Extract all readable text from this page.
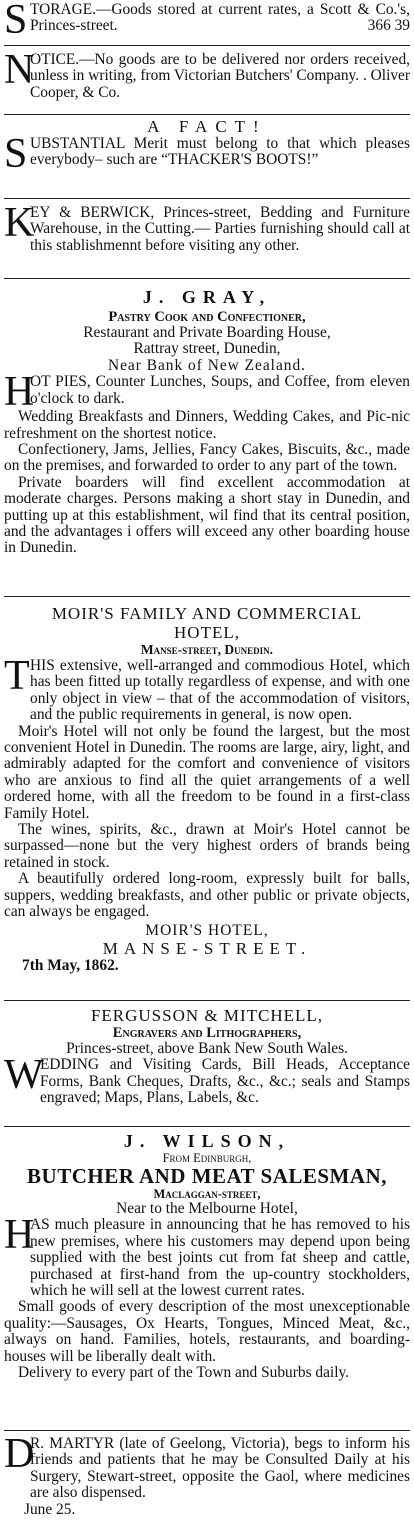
S TORAGE.—Goods stored at current rates, a Scott & Co.'s, Princes-street.	366 39

N

OTICE.—No goods are to be delivered nor orders received, unless in writing, from Victorian Butchers' Company. . Oliver Cooper, & Co.

A FACT!
S UBSTANTIAL Merit must belong to that which pleases everybody– such are “THACKER'S BOOTS!”

K

EY & BERWICK, Princes-street, Bedding and Furniture Warehouse, in the Cutting.— Parties furnishing should call at this stablishmennt before visiting any other.

J. GRAY,
Pastry Cook and Confectioner,

Restaurant and Private Boarding House,

Rattray street, Dunedin,

Near Bank of New Zealand.

H

OT PIES, Counter Lunches, Soups, and Coffee, from eleven o'clock to dark.

Wedding Breakfasts and Dinners, Wedding Cakes, and Pic-nic refreshment on the shortest notice.

Confectionery, Jams, Jellies, Fancy Cakes, Biscuits, &c., made on the premises, and forwarded to order to any part of the town.

Private boarders will find excellent accommodation at moderate charges. Persons making a short stay in Dunedin, and putting up at this establishment, wil find that its central position, and the advantages i offers will exceed any other boarding house in Dunedin.

MOIR'S FAMILY AND COMMERCIAL
HOTEL,
Manse-street, Dunedin.
T HIS extensive, well-arranged and commodious Hotel, which has been fitted up totally regardless of expense, and with one only object in view – that of the accommodation of visitors, and the public requirements in general, is now open.

Moir's Hotel will not only be found the largest, but the most convenient Hotel in Dunedin. The rooms are large, airy, light, and admirably adapted for the comfort and convenience of visitors who are anxious to find all the quiet arrangements of a well ordered home, with all the freedom to be found in a first-class Family Hotel.

The wines, spirits, &c., drawn at Moir's Hotel cannot be surpassed—none but the very highest orders of brands being retained in stock.

A beautifully ordered long-room, expressly built for balls, suppers, wedding breakfasts, and other public or private objects, can always be engaged.

MOIR'S HOTEL,
MANSE-STREET.

7th May, 1862.

FERGUSSON & MITCHELL,
Engravers and Lithographers,

Princes-street, above Bank New South Wales.

W

EDDING and Visiting Cards, Bill Heads, Acceptance Forms, Bank Cheques, Drafts, &c., &c.; seals and Stamps engraved; Maps, Plans, Labels, &c.

J. WILSON,
From Edinburgh,
BUTCHER AND MEAT SALESMAN,
Maclaggan-street,

Near to the Melbourne Hotel,

H

AS much pleasure in announcing that he has removed to his new premises, where his customers may depend upon being supplied with the best joints cut from fat sheep and cattle, purchased at first-hand from the up-country stockholders, which he will sell at the lowest current rates.

Small goods of every description of the most unexceptionable quality:—Sausages, Ox Hearts, Tongues, Minced Meat, &c., always on hand. Families, hotels, restaurants, and boarding-houses will be liberally dealt with.

Delivery to every part of the Town and Suburbs daily.

D

R. MARTYR (late of Geelong, Victoria), begs to inform his friends and patients that he may be Consulted Daily at his Surgery, Stewart-street, opposite the Gaol, where medicines are also dispensed.

June 25.
